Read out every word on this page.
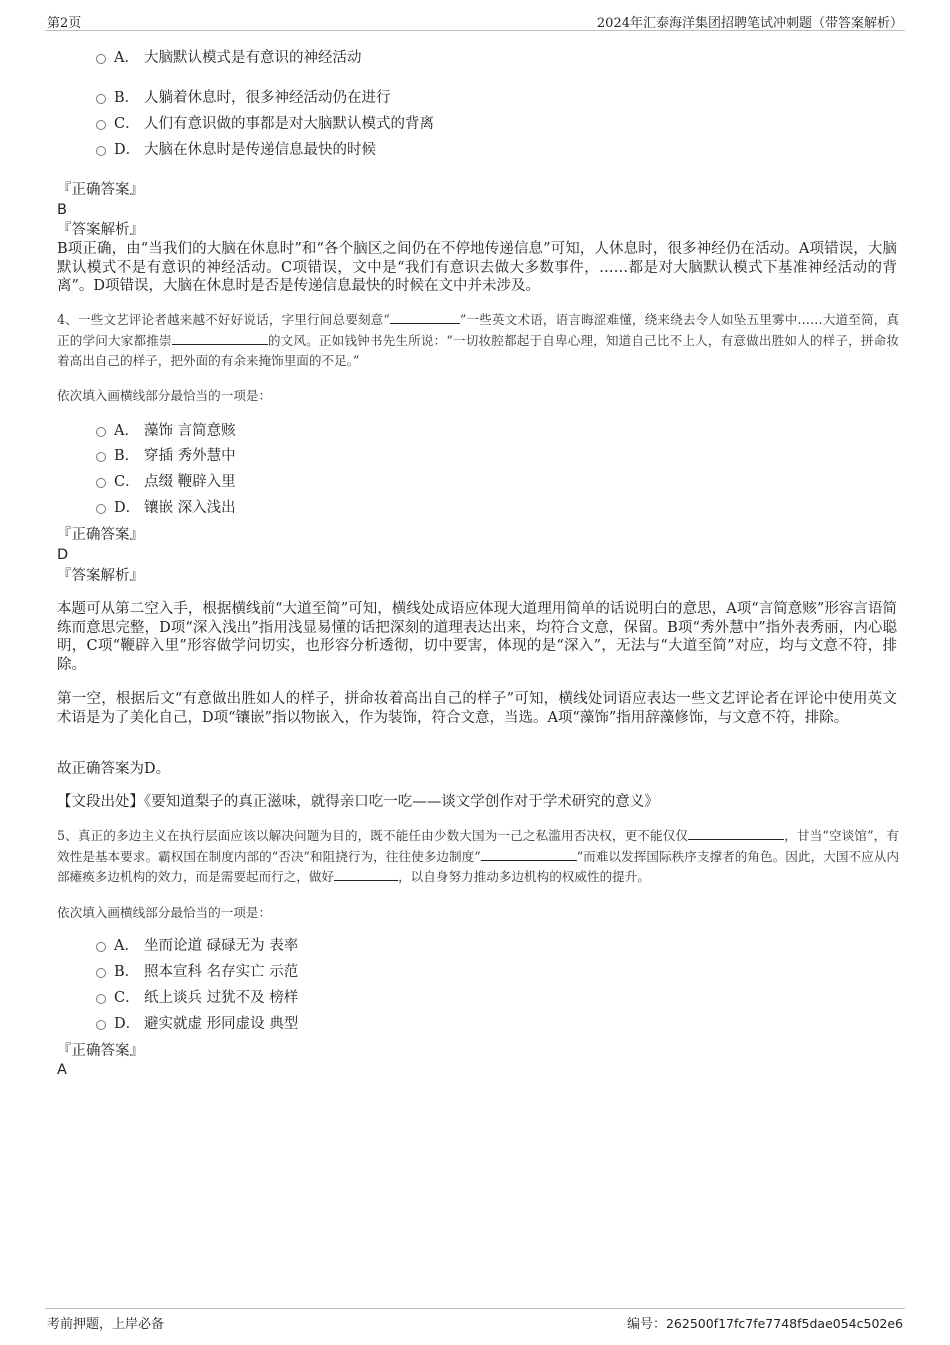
第2页	2024年汇泰海洋集团招聘笔试冲刺题（带答案解析）
A． 大脑默认模式是有意识的神经活动
B． 人躺着休息时，很多神经活动仍在进行
C． 人们有意识做的事都是对大脑默认模式的背离
D． 大脑在休息时是传递信息最快的时候
『正确答案』
B
『答案解析』
B项正确，由“当我们的大脑在休息时”和“各个脑区之间仍在不停地传递信息”可知，人休息时，很多神经仍在活动。A项错误，大脑默认模式不是有意识的神经活动。C项错误，文中是“我们有意识去做大多数事件，……都是对大脑默认模式下基准神经活动的背离”。D项错误，大脑在休息时是否是传递信息最快的时候在文中并未涉及。
4、一些文艺评论者越来越不好好说话，字里行间总要刻意“	”一些英文术语，语言晦涩难懂，绕来绕去令人如坠五里雾中……大道至简，真正的学问大家都推崇	的文风。正如钱钟书先生所说：“一切妆腔都起于自卑心理，知道自己比不上人，有意做出胜如人的样子，拼命妆着高出自己的样子，把外面的有余来掩饰里面的不足。”
依次填入画横线部分最恰当的一项是：
A． 藻饰 言简意赅
B． 穿插 秀外慧中
C． 点缀 鞭辟入里
D． 镶嵌 深入浅出
『正确答案』
D
『答案解析』
本题可从第二空入手，根据横线前“大道至简”可知，横线处成语应体现大道理用简单的话说明白的意思，A项“言简意赅”形容言语简练而意思完整，D项“深入浅出”指用浅显易懂的话把深刻的道理表达出来，均符合文意，保留。B项“秀外慧中”指外表秀丽，内心聪明，C项“鞭辟入里”形容做学问切实，也形容分析透彻，切中要害，体现的是“深入”，无法与“大道至简”对应，均与文意不符，排除。
第一空，根据后文“有意做出胜如人的样子，拼命妆着高出自己的样子”可知，横线处词语应表达一些文艺评论者在评论中使用英文术语是为了美化自己，D项“镶嵌”指以物嵌入，作为装饰，符合文意，当选。A项“藻饰”指用辞藻修饰，与文意不符，排除。
故正确答案为D。
【文段出处】《要知道梨子的真正滋味，就得亲口吃一吃——谈文学创作对于学术研究的意义》
5、真正的多边主义在执行层面应该以解决问题为目的，既不能任由少数大国为一己之私滥用否决权，更不能仅仅	，甘当“空谈馆”，有效性是基本要求。霸权国在制度内部的“否决”和阻挠行为，往往使多边制度“	”而难以发挥国际秩序支撑者的角色。因此，大国不应从内部瘫痪多边机构的效力，而是需要起而行之，做好	，以自身努力推动多边机构的权威性的提升。
依次填入画横线部分最恰当的一项是：
A． 坐而论道 碌碌无为 表率
B． 照本宣科 名存实亡 示范
C． 纸上谈兵 过犹不及 榜样
D． 避实就虚 形同虚设 典型
『正确答案』
A
考前押题，上岸必备	编号：262500f17fc7fe7748f5dae054c502e6
